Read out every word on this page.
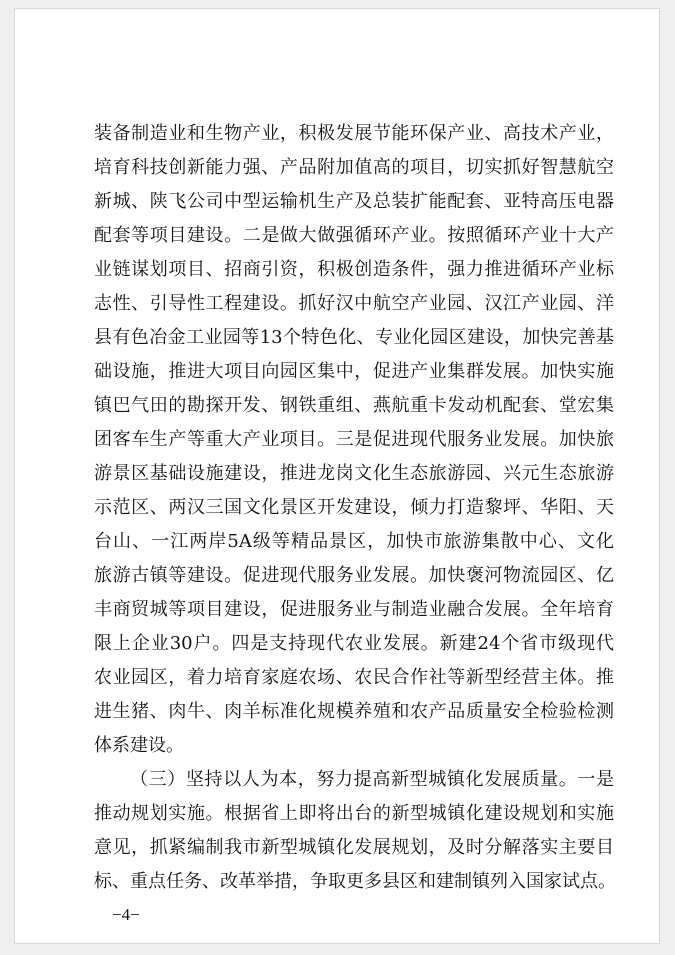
装备制造业和生物产业，积极发展节能环保产业、高技术产业，

培育科技创新能力强、产品附加值高的项目，切实抓好智慧航空

新城、陕飞公司中型运输机生产及总装扩能配套、亚特高压电器

配套等项目建设。二是做大做强循环产业。按照循环产业十大产

业链谋划项目、招商引资，积极创造条件，强力推进循环产业标

志性、引导性工程建设。抓好汉中航空产业园、汉江产业园、洋

县有色冶金工业园等13个特色化、专业化园区建设，加快完善基

础设施，推进大项目向园区集中，促进产业集群发展。加快实施

镇巴气田的勘探开发、钢铁重组、燕航重卡发动机配套、堂宏集

团客车生产等重大产业项目。三是促进现代服务业发展。加快旅

游景区基础设施建设，推进龙岗文化生态旅游园、兴元生态旅游

示范区、两汉三国文化景区开发建设，倾力打造黎坪、华阳、天

台山、一江两岸5A级等精品景区，加快市旅游集散中心、文化

旅游古镇等建设。促进现代服务业发展。加快褒河物流园区、亿

丰商贸城等项目建设，促进服务业与制造业融合发展。全年培育

限上企业30户。四是支持现代农业发展。新建24个省市级现代

农业园区，着力培育家庭农场、农民合作社等新型经营主体。推

进生猪、肉牛、肉羊标准化规模养殖和农产品质量安全检验检测

体系建设。

（三）坚持以人为本，努力提高新型城镇化发展质量。一是

推动规划实施。根据省上即将出台的新型城镇化建设规划和实施

意见，抓紧编制我市新型城镇化发展规划，及时分解落实主要目

标、重点任务、改革举措，争取更多县区和建制镇列入国家试点。

−4−
